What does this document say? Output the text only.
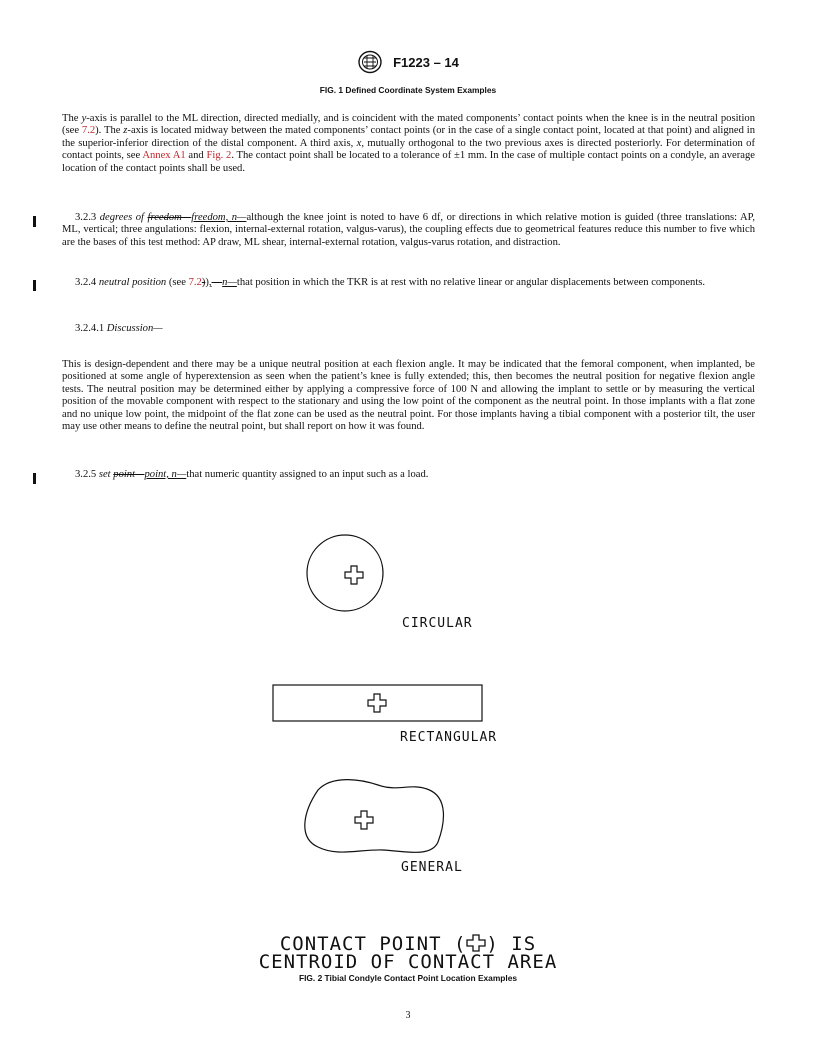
F1223 – 14
FIG. 1 Defined Coordinate System Examples

The y-axis is parallel to the ML direction, directed medially, and is coincident with the mated components’ contact points when the knee is in the neutral position (see 7.2). The z-axis is located midway between the mated components’ contact points (or in the case of a single contact point, located at that point) and aligned in the superior-inferior direction of the distal component. A third axis, x, mutually orthogonal to the two previous axes is directed posteriorly. For determination of contact points, see Annex A1 and Fig. 2. The contact point shall be located to a tolerance of ±1 mm. In the case of multiple contact points on a condyle, an average location of the contact points shall be used.

3.2.3 degrees of freedom—freedom, n—although the knee joint is noted to have 6 df, or directions in which relative motion is guided (three translations: AP, ML, vertical; three angulations: flexion, internal-external rotation, valgus-varus), the coupling effects due to geometrical features reduce this number to five which are the bases of this test method: AP draw, ML shear, internal-external rotation, valgus-varus rotation, and distraction.

3.2.4 neutral position (see 7.2)),—n—that position in which the TKR is at rest with no relative linear or angular displacements between components.

3.2.4.1 Discussion—

This is design-dependent and there may be a unique neutral position at each flexion angle. It may be indicated that the femoral component, when implanted, be positioned at some angle of hyperextension as seen when the patient’s knee is fully extended; this, then becomes the neutral position for negative flexion angle tests. The neutral position may be determined either by applying a compressive force of 100 N and allowing the implant to settle or by measuring the vertical position of the movable component with respect to the stationary and using the low point of the component as the neutral point. In those implants with a flat zone and no unique low point, the midpoint of the flat zone can be used as the neutral point. For those implants having a tibial component with a posterior tilt, the user may use other means to define the neutral point, but shall report on how it was found.

3.2.5 set point—point, n—that numeric quantity assigned to an input such as a load.

CIRCULAR
RECTANGULAR
GENERAL
CONTACT POINT ( ) IS
CENTROID OF CONTACT AREA
FIG. 2 Tibial Condyle Contact Point Location Examples
3
